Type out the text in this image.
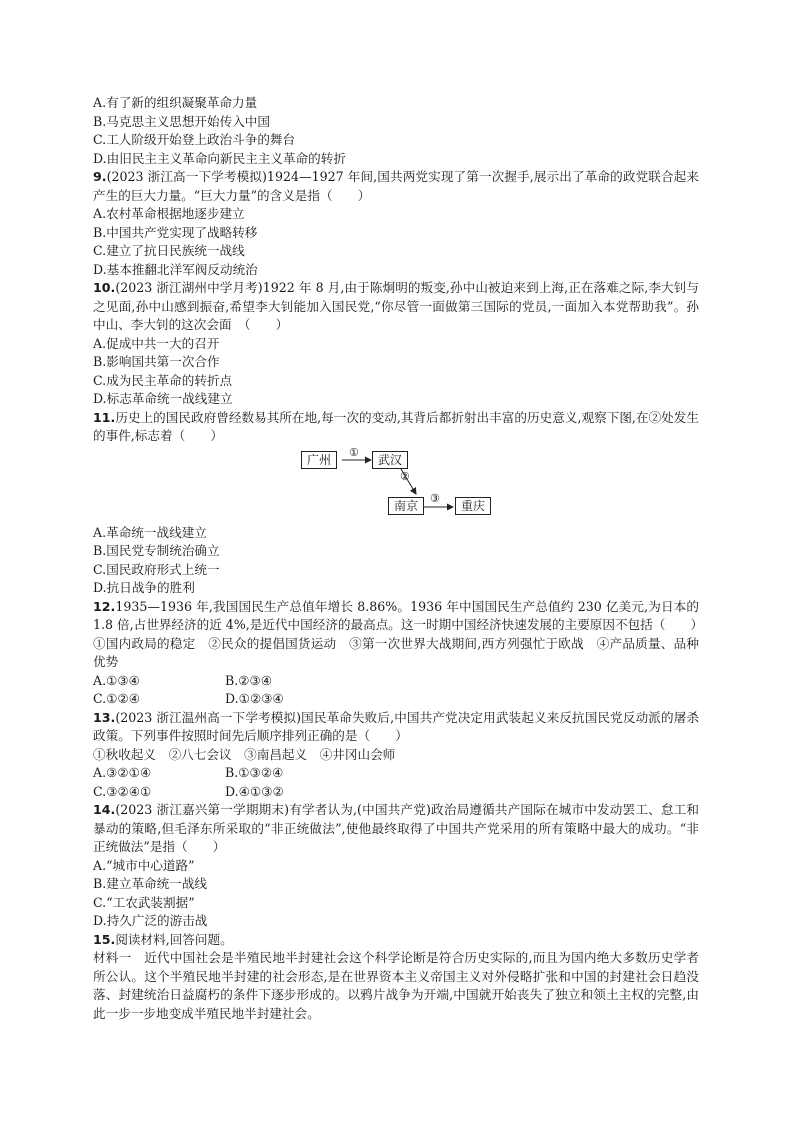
A.有了新的组织凝聚革命力量
B.马克思主义思想开始传入中国
C.工人阶级开始登上政治斗争的舞台
D.由旧民主主义革命向新民主主义革命的转折
9.(2023 浙江高一下学考模拟)1924—1927 年间,国共两党实现了第一次握手,展示出了革命的政党联合起来产生的巨大力量。“巨大力量”的含义是指（　　）
A.农村革命根据地逐步建立
B.中国共产党实现了战略转移
C.建立了抗日民族统一战线
D.基本推翻北洋军阀反动统治
10.(2023 浙江湖州中学月考)1922 年 8 月,由于陈炯明的叛变,孙中山被迫来到上海,正在落难之际,李大钊与之见面,孙中山感到振奋,希望李大钊能加入国民党,“你尽管一面做第三国际的党员,一面加入本党帮助我”。孙中山、李大钊的这次会面　（　　）
A.促成中共一大的召开
B.影响国共第一次合作
C.成为民主革命的转折点
D.标志革命统一战线建立
11.历史上的国民政府曾经数易其所在地,每一次的变动,其背后都折射出丰富的历史意义,观察下图,在②处发生的事件,标志着（　　）
广州	武汉
南京	重庆
①
②
③
A.革命统一战线建立
B.国民党专制统治确立
C.国民政府形式上统一
D.抗日战争的胜利
12.1935—1936 年,我国国民生产总值年增长 8.86%。1936 年中国国民生产总值约 230 亿美元,为日本的 1.8 倍,占世界经济的近 4%,是近代中国经济的最高点。这一时期中国经济快速发展的主要原因不包括（　　）
①国内政局的稳定　②民众的提倡国货运动　③第一次世界大战期间,西方列强忙于欧战　④产品质量、品种优势
A.①③④	B.②③④
C.①②④	D.①②③④
13.(2023 浙江温州高一下学考模拟)国民革命失败后,中国共产党决定用武装起义来反抗国民党反动派的屠杀政策。下列事件按照时间先后顺序排列正确的是（　　）
①秋收起义　②八七会议　③南昌起义　④井冈山会师
A.③②①④	B.①③②④
C.③②④①	D.④①③②
14.(2023 浙江嘉兴第一学期期末)有学者认为,(中国共产党)政治局遵循共产国际在城市中发动罢工、怠工和暴动的策略,但毛泽东所采取的“非正统做法”,使他最终取得了中国共产党采用的所有策略中最大的成功。“非正统做法”是指（　　）
A.“城市中心道路”
B.建立革命统一战线
C.“工农武装割据”
D.持久广泛的游击战
15.阅读材料,回答问题。
材料一　近代中国社会是半殖民地半封建社会这个科学论断是符合历史实际的,而且为国内绝大多数历史学者所公认。这个半殖民地半封建的社会形态,是在世界资本主义帝国主义对外侵略扩张和中国的封建社会日趋没落、封建统治日益腐朽的条件下逐步形成的。以鸦片战争为开端,中国就开始丧失了独立和领土主权的完整,由此一步一步地变成半殖民地半封建社会。
